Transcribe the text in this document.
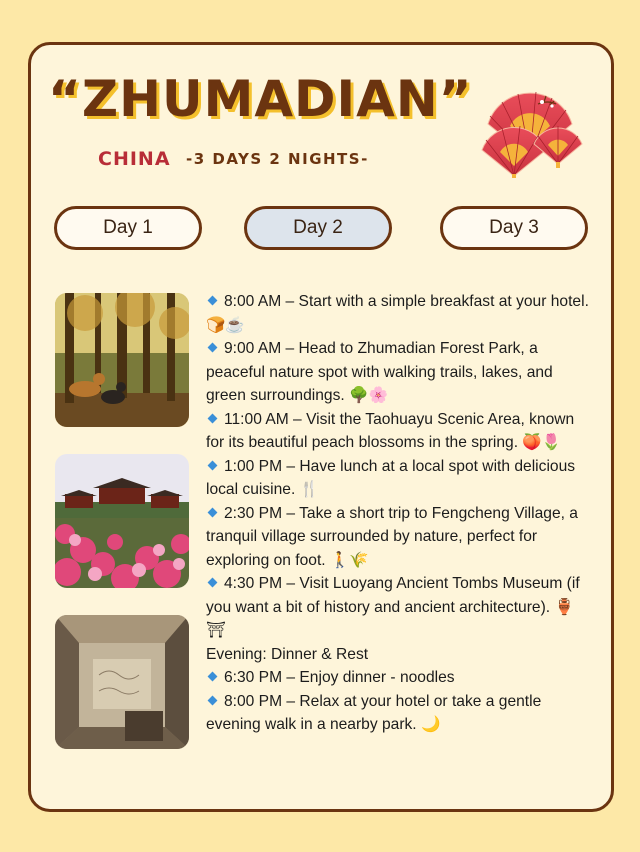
“ZHUMADIAN”
CHINA -3 DAYS 2 NIGHTS-
Day 1	Day 2	Day 3

8:00 AM – Start with a simple breakfast at your hotel. 🍞☕

9:00 AM – Head to Zhumadian Forest Park, a peaceful nature spot with walking trails, lakes, and green surroundings. 🌳🌸

11:00 AM – Visit the Taohuayu Scenic Area, known for its beautiful peach blossoms in the spring. 🍑🌷

1:00 PM – Have lunch at a local spot with delicious local cuisine. 🍴

2:30 PM – Take a short trip to Fengcheng Village, a tranquil village surrounded by nature, perfect for exploring on foot. 🚶🌾

4:30 PM – Visit Luoyang Ancient Tombs Museum (if you want a bit of history and ancient architecture). 🏺⛩

Evening: Dinner & Rest

6:30 PM – Enjoy dinner - noodles

8:00 PM – Relax at your hotel or take a gentle evening walk in a nearby park. 🌙
